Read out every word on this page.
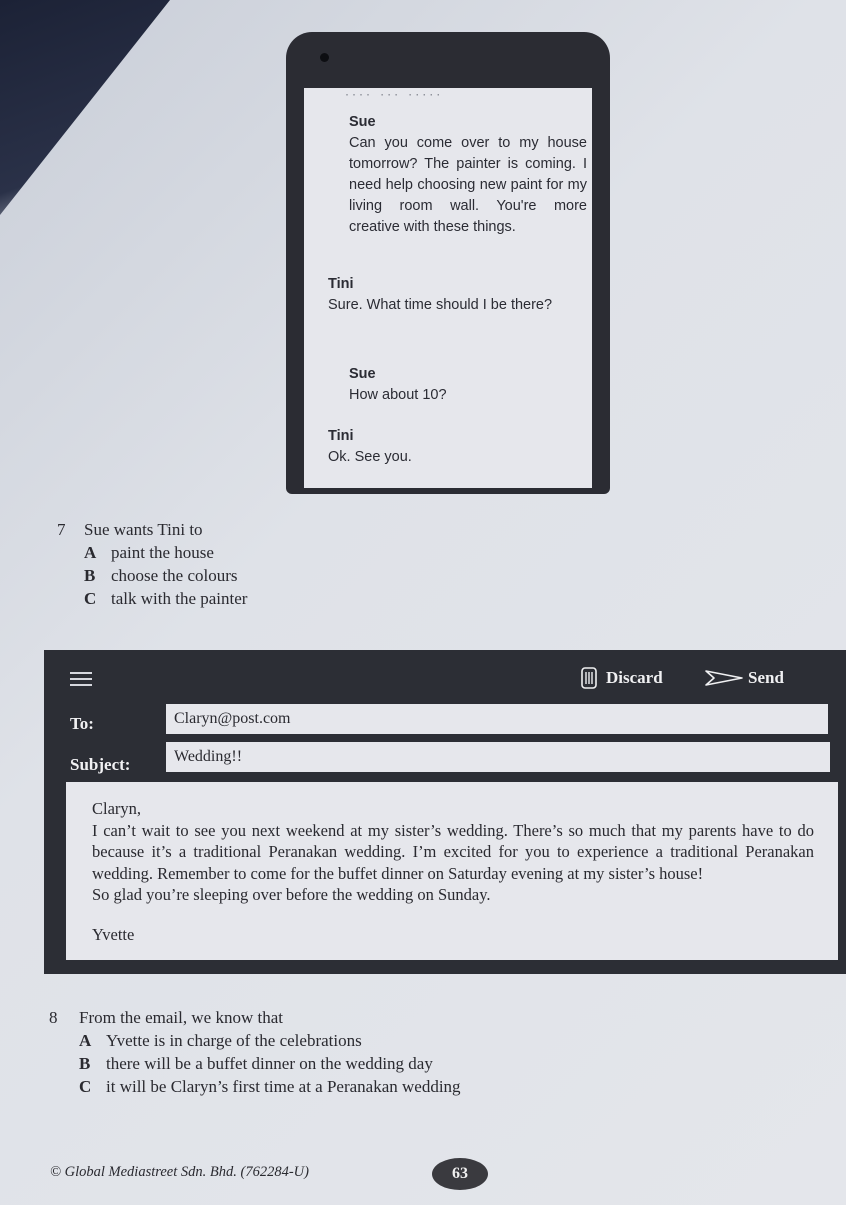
···· ··· ·····
Sue
Can you come over to my house tomorrow? The painter is coming. I need help choosing new paint for my living room wall. You're more creative with these things.
Tini
Sure. What time should I be there?
Sue
How about 10?
Tini
Ok. See you.
7 Sue wants Tini to
A paint the house
B choose the colours
C talk with the painter
Discard	Send
To:
Claryn@post.com
Subject:
Wedding!!
Claryn,
I can’t wait to see you next weekend at my sister’s wedding. There’s so much that my parents have to do because it’s a traditional Peranakan wedding. I’m excited for you to experience a traditional Peranakan wedding. Remember to come for the buffet dinner on Saturday evening at my sister’s house!
So glad you’re sleeping over before the wedding on Sunday.
Yvette
8 From the email, we know that
A Yvette is in charge of the celebrations
B there will be a buffet dinner on the wedding day
C it will be Claryn’s first time at a Peranakan wedding
© Global Mediastreet Sdn. Bhd. (762284-U)	63
